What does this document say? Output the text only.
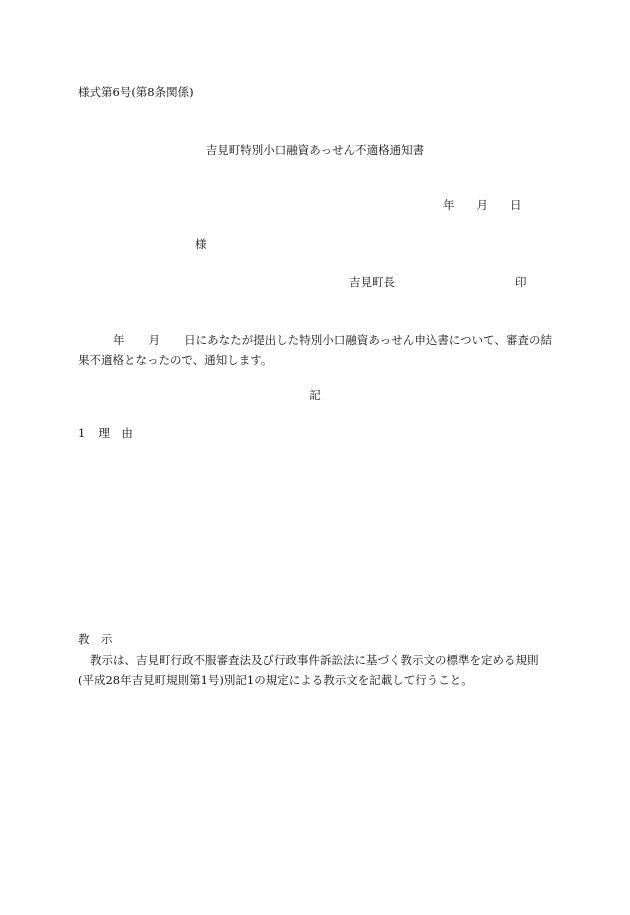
様式第6号(第8条関係)
吉見町特別小口融資あっせん不適格通知書
年 月 日
様
吉見町長	印
年 月 日にあなたが提出した特別小口融資あっせん申込書について、審査の結果不適格となったので、通知します。
記
1 理　由
教　示
教示は、吉見町行政不服審査法及び行政事件訴訟法に基づく教示文の標準を定める規則(平成28年吉見町規則第1号)別記1の規定による教示文を記載して行うこと。
